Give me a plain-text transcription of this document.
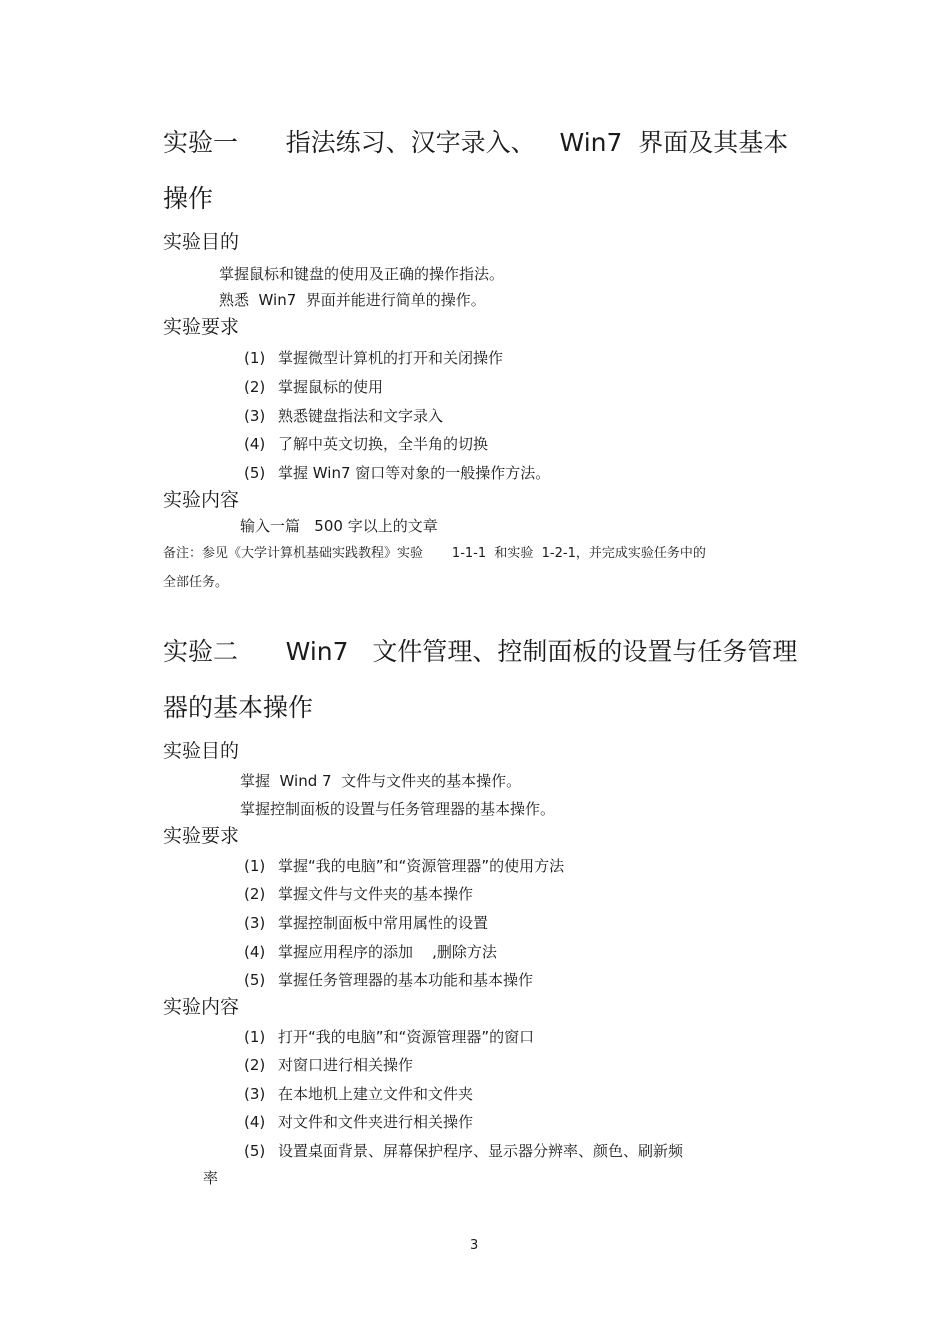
实验一      指法练习、汉字录入、   Win7  界面及其基本
操作
实验目的
掌握鼠标和键盘的使用及正确的操作指法。
熟悉  Win7  界面并能进行简单的操作。
实验要求
(1) 掌握微型计算机的打开和关闭操作
(2) 掌握鼠标的使用
(3) 熟悉键盘指法和文字录入
(4) 了解中英文切换，全半角的切换
(5) 掌握 Win7 窗口等对象的一般操作方法。
实验内容
输入一篇   500 字以上的文章
备注：参见《大学计算机基础实践教程》实验       1-1-1  和实验  1-2-1，并完成实验任务中的
全部任务。
实验二      Win7   文件管理、控制面板的设置与任务管理
器的基本操作
实验目的
掌握  Wind 7  文件与文件夹的基本操作。
掌握控制面板的设置与任务管理器的基本操作。
实验要求
(1) 掌握“我的电脑”和“资源管理器”的使用方法
(2) 掌握文件与文件夹的基本操作
(3) 掌握控制面板中常用属性的设置
(4) 掌握应用程序的添加    ,删除方法
(5) 掌握任务管理器的基本功能和基本操作
实验内容
(1) 打开“我的电脑”和“资源管理器”的窗口
(2) 对窗口进行相关操作
(3) 在本地机上建立文件和文件夹
(4) 对文件和文件夹进行相关操作
(5) 设置桌面背景、屏幕保护程序、显示器分辨率、颜色、刷新频
率
3
